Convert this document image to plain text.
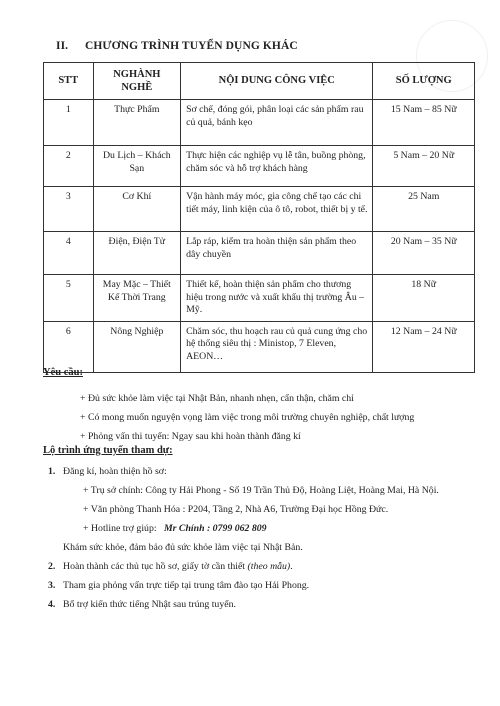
II. CHƯƠNG TRÌNH TUYỂN DỤNG KHÁC
STT	NGHÀNH NGHỀ	NỘI DUNG CÔNG VIỆC	SỐ LƯỢNG
1	Thực Phẩm	Sơ chế, đóng gói, phân loại các sản phẩm rau củ quả, bánh kẹo	15 Nam – 85 Nữ
2	Du Lịch – Khách Sạn	Thực hiện các nghiệp vụ lễ tân, buồng phòng, chăm sóc và hỗ trợ khách hàng	5 Nam – 20 Nữ
3	Cơ Khí	Vận hành máy móc, gia công chế tạo các chi tiết máy, linh kiện của ô tô, robot, thiết bị y tế.	25 Nam
4	Điện, Điện Tử	Lắp ráp, kiểm tra hoàn thiện sản phẩm theo dây chuyền	20 Nam – 35 Nữ
5	May Mặc – Thiết Kế Thời Trang	Thiết kế, hoàn thiện sản phẩm cho thương hiệu trong nước và xuất khẩu thị trường Âu – Mỹ.	18 Nữ
6	Nông Nghiệp	Chăm sóc, thu hoạch rau củ quả cung ứng cho hệ thống siêu thị : Ministop, 7 Eleven, AEON…	12 Nam – 24 Nữ
Yêu cầu:
+ Đủ sức khỏe làm việc tại Nhật Bản, nhanh nhẹn, cẩn thận, chăm chỉ
+ Có mong muốn nguyện vọng làm việc trong môi trường chuyên nghiệp, chất lượng
+ Phỏng vấn thi tuyển: Ngay sau khi hoàn thành đăng kí
Lộ trình ứng tuyển tham dự:
1. Đăng kí, hoàn thiện hồ sơ:
+ Trụ sở chính: Công ty Hải Phong - Số 19 Trần Thủ Độ, Hoàng Liệt, Hoàng Mai, Hà Nội.
+ Văn phòng Thanh Hóa : P204, Tầng 2, Nhà A6, Trường Đại học Hồng Đức.
+ Hotline trợ giúp: Mr Chính : 0799 062 809
Khám sức khỏe, đảm bảo đủ sức khỏe làm việc tại Nhật Bản.
2. Hoàn thành các thủ tục hồ sơ, giấy tờ cần thiết (theo mẫu).
3. Tham gia phỏng vấn trực tiếp tại trung tâm đào tạo Hải Phong.
4. Bổ trợ kiến thức tiếng Nhật sau trúng tuyển.
